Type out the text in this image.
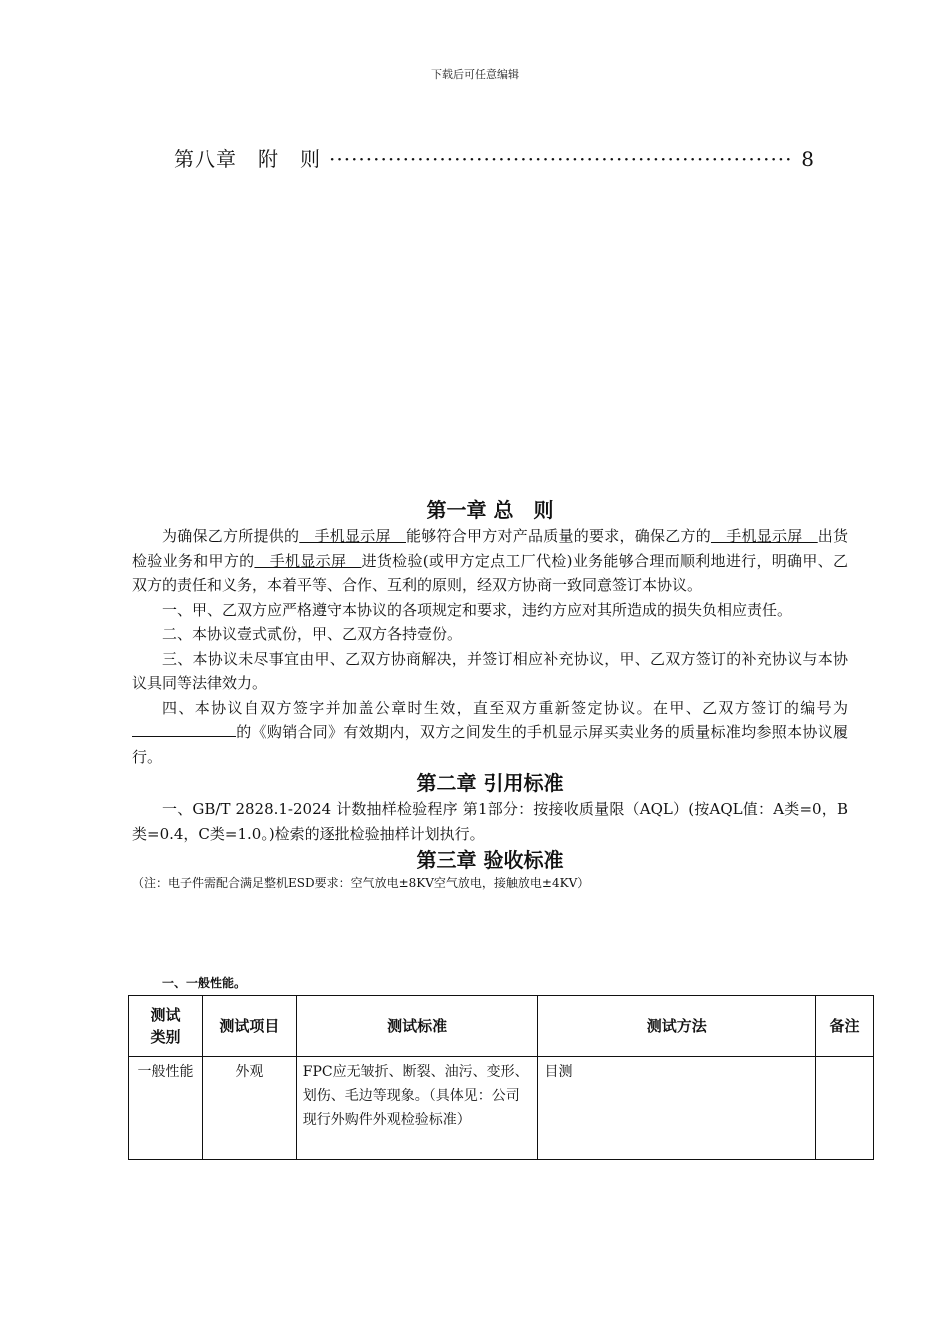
下载后可任意编辑
第八章　附　则 ·····	8
第一章 总　则

为确保乙方所提供的　手机显示屏　能够符合甲方对产品质量的要求，确保乙方的　手机显示屏　出货检验业务和甲方的　手机显示屏　进货检验(或甲方定点工厂代检)业务能够合理而顺利地进行，明确甲、乙双方的责任和义务，本着平等、合作、互利的原则，经双方协商一致同意签订本协议。

一、甲、乙双方应严格遵守本协议的各项规定和要求，违约方应对其所造成的损失负相应责任。

二、本协议壹式贰份，甲、乙双方各持壹份。

三、本协议未尽事宜由甲、乙双方协商解决，并签订相应补充协议，甲、乙双方签订的补充协议与本协议具同等法律效力。

四、本协议自双方签字并加盖公章时生效，直至双方重新签定协议。在甲、乙双方签订的编号为的《购销合同》有效期内，双方之间发生的手机显示屏买卖业务的质量标准均参照本协议履行。

第二章 引用标准

一、GB/T 2828.1-2024 计数抽样检验程序 第1部分：按接收质量限（AQL）(按AQL值：A类=0，B类=0.4，C类=1.0。)检索的逐批检验抽样计划执行。

第三章 验收标准

（注：电子件需配合满足整机ESD要求：空气放电±8KV空气放电，接触放电±4KV）

一、一般性能。
测试
类别	测试项目	测试标准	测试方法	备注
一般性能	外观	FPC应无皱折、断裂、油污、变形、划伤、毛边等现象。（具体见：公司现行外购件外观检验标准）	目测	
